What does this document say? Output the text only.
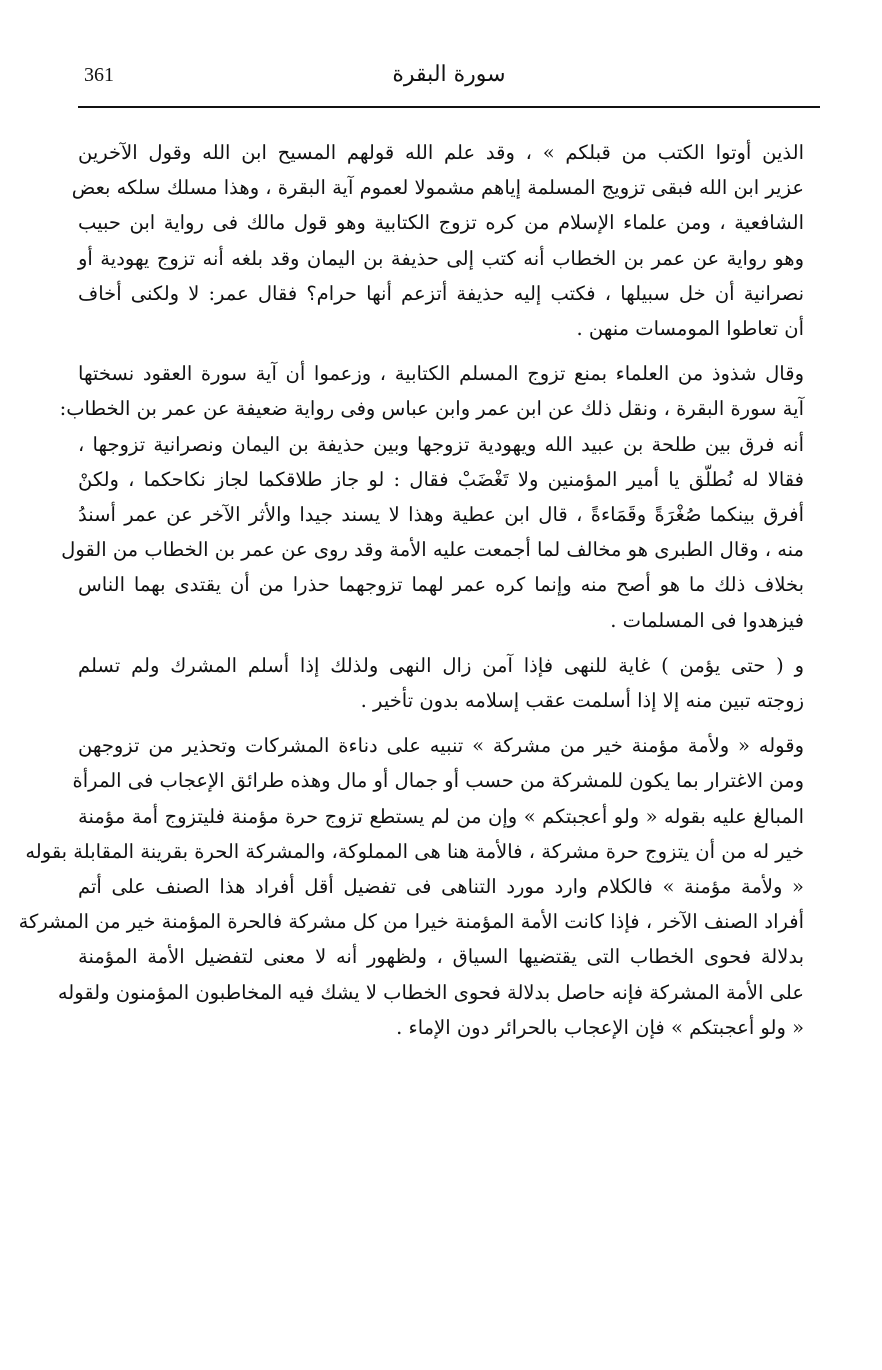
361	سورة البقرة

الذين أوتوا الكتب من قبلكم » ، وقد علم الله قولهم المسيح ابن الله وقول الآخرين
عزير ابن الله فبقى تزويج المسلمة إياهم مشمولا لعموم آية البقرة ، وهذا مسلك سلكه بعض
الشافعية ، ومن علماء الإسلام من كره تزوج الكتابية وهو قول مالك فى رواية ابن حبيب
وهو رواية عن عمر بن الخطاب أنه كتب إلى حذيفة بن اليمان وقد بلغه أنه تزوج يهودية أو
نصرانية أن خل سبيلها ، فكتب إليه حذيفة أتزعم أنها حرام؟ فقال عمر: لا ولكنى أخاف
أن تعاطوا المومسات منهن .

وقال شذوذ من العلماء بمنع تزوج المسلم الكتابية ، وزعموا أن آية سورة العقود نسختها
آية سورة البقرة ، ونقل ذلك عن ابن عمر وابن عباس وفى رواية ضعيفة عن عمر بن الخطاب:
أنه فرق بين طلحة بن عبيد الله ويهودية تزوجها وبين حذيفة بن اليمان ونصرانية تزوجها ،
فقالا له نُطلّق يا أمير المؤمنين ولا تَغْضَبْ فقال : لو جاز طلاقكما لجاز نكاحكما ، ولكنْ
أفرق بينكما صُغْرَةً وقَمَاءةً ، قال ابن عطية وهذا لا يسند جيدا والأثر الآخر عن عمر أسندُ
منه ، وقال الطبرى هو مخالف لما أجمعت عليه الأمة وقد روى عن عمر بن الخطاب من القول
بخلاف ذلك ما هو أصح منه وإنما كره عمر لهما تزوجهما حذرا من أن يقتدى بهما الناس
فيزهدوا فى المسلمات .

و ( حتى يؤمن ) غاية للنهى فإذا آمن زال النهى ولذلك إذا أسلم المشرك ولم تسلم
زوجته تبين منه إلا إذا أسلمت عقب إسلامه بدون تأخير .

وقوله « ولأمة مؤمنة خير من مشركة » تنبيه على دناءة المشركات وتحذير من تزوجهن
ومن الاغترار بما يكون للمشركة من حسب أو جمال أو مال وهذه طرائق الإعجاب فى المرأة
المبالغ عليه بقوله « ولو أعجبتكم » وإن من لم يستطع تزوج حرة مؤمنة فليتزوج أمة مؤمنة
خير له من أن يتزوج حرة مشركة ، فالأمة هنا هى المملوكة، والمشركة الحرة بقرينة المقابلة بقوله
« ولأمة مؤمنة » فالكلام وارد مورد التناهى فى تفضيل أقل أفراد هذا الصنف على أتم
أفراد الصنف الآخر ، فإذا كانت الأمة المؤمنة خيرا من كل مشركة فالحرة المؤمنة خير من المشركة
بدلالة فحوى الخطاب التى يقتضيها السياق ، ولظهور أنه لا معنى لتفضيل الأمة المؤمنة
على الأمة المشركة فإنه حاصل بدلالة فحوى الخطاب لا يشك فيه المخاطبون المؤمنون ولقوله
« ولو أعجبتكم » فإن الإعجاب بالحرائر دون الإماء .
